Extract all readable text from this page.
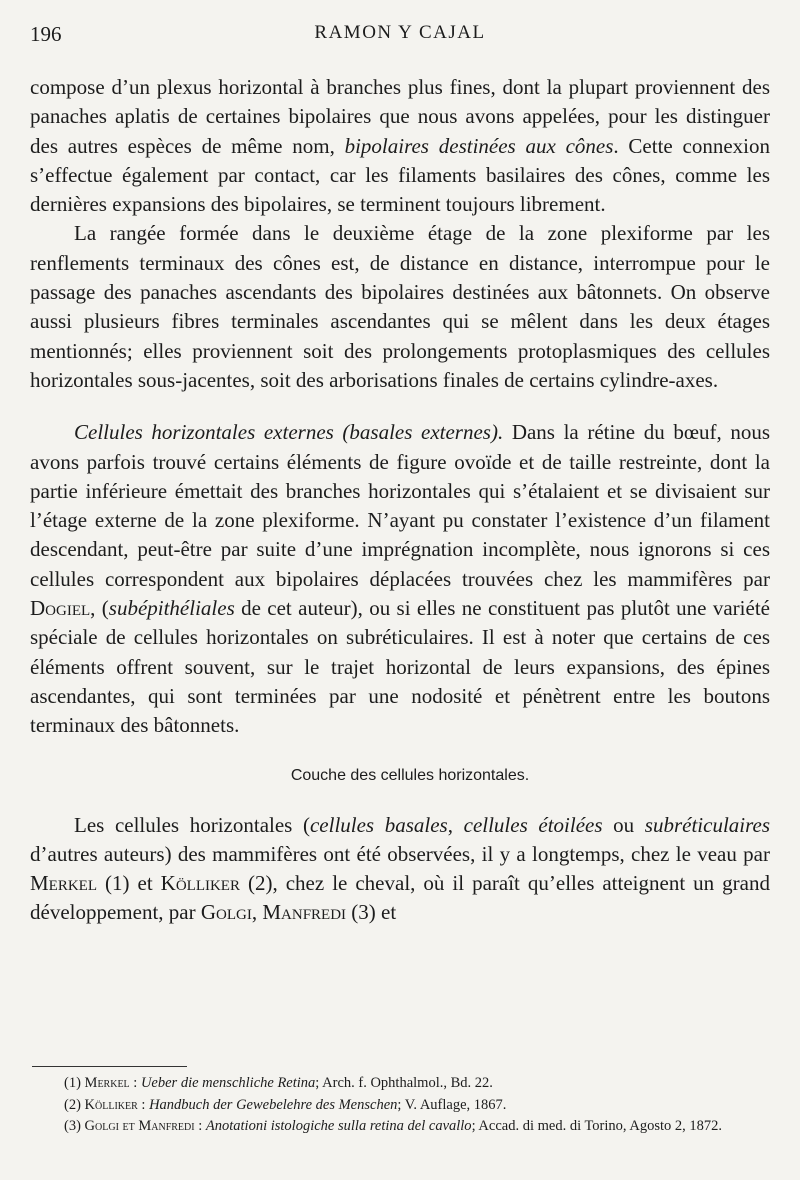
196	RAMON Y CAJAL

compose d’un plexus horizontal à branches plus fines, dont la plupart proviennent des panaches aplatis de certaines bipolaires que nous avons appelées, pour les distinguer des autres espèces de même nom, bipolaires destinées aux cônes. Cette connexion s’effectue également par contact, car les filaments basilaires des cônes, comme les dernières expansions des bipolaires, se terminent toujours librement.

La rangée formée dans le deuxième étage de la zone plexiforme par les renflements terminaux des cônes est, de distance en distance, interrompue pour le passage des panaches ascendants des bipolaires destinées aux bâtonnets. On observe aussi plusieurs fibres terminales ascendantes qui se mêlent dans les deux étages mentionnés; elles proviennent soit des prolongements protoplasmiques des cellules horizontales sous-jacentes, soit des arborisations finales de certains cylindre-axes.

Cellules horizontales externes (basales externes). Dans la rétine du bœuf, nous avons parfois trouvé certains éléments de figure ovoïde et de taille restreinte, dont la partie inférieure émettait des branches horizontales qui s’étalaient et se divisaient sur l’étage externe de la zone plexiforme. N’ayant pu constater l’existence d’un filament descendant, peut-être par suite d’une imprégnation incomplète, nous ignorons si ces cellules correspondent aux bipolaires déplacées trouvées chez les mammifères par Dogiel, (subépithéliales de cet auteur), ou si elles ne constituent pas plutôt une variété spéciale de cellules horizontales on subréticulaires. Il est à noter que certains de ces éléments offrent souvent, sur le trajet horizontal de leurs expansions, des épines ascendantes, qui sont terminées par une nodosité et pénètrent entre les boutons terminaux des bâtonnets.

Couche des cellules horizontales.

Les cellules horizontales (cellules basales, cellules étoilées ou subréticulaires d’autres auteurs) des mammifères ont été observées, il y a longtemps, chez le veau par Merkel (1) et Kölliker (2), chez le cheval, où il paraît qu’elles atteignent un grand développement, par Golgi, Manfredi (3) et

(1) Merkel : Ueber die menschliche Retina; Arch. f. Ophthalmol., Bd. 22.

(2) Kölliker : Handbuch der Gewebelehre des Menschen; V. Auflage, 1867.

(3) Golgi et Manfredi : Anotationi istologiche sulla retina del cavallo; Accad. di med. di Torino, Agosto 2, 1872.
